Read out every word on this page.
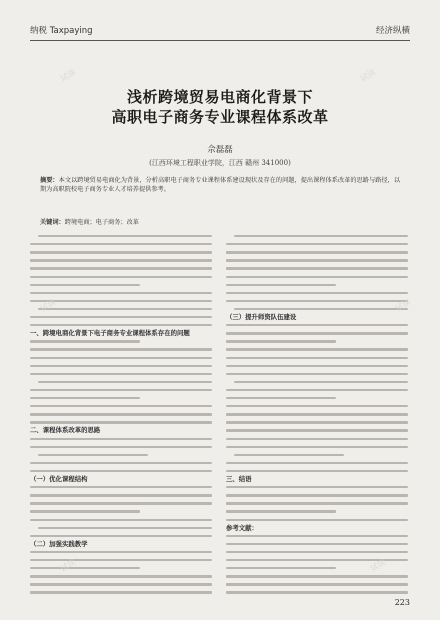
纳税 Taxpaying	经济纵横
浅析跨境贸易电商化背景下
高职电子商务专业课程体系改革
佘磊磊
(江西环境工程职业学院，江西 赣州 341000)
摘要：本文以跨境贸易电商化为背景，分析高职电子商务专业课程体系建设现状及存在的问题，提出课程体系改革的思路与路径，以期为高职院校电子商务专业人才培养提供参考。
关键词：跨境电商；电子商务；改革
一、跨境电商化背景下电子商务专业课程体系存在的问题
二、课程体系改革的思路
（一）优化课程结构
（二）加强实践教学
（三）提升师资队伍建设
三、结语
参考文献：
223
试读	试读
试读	试读
试读	试读
